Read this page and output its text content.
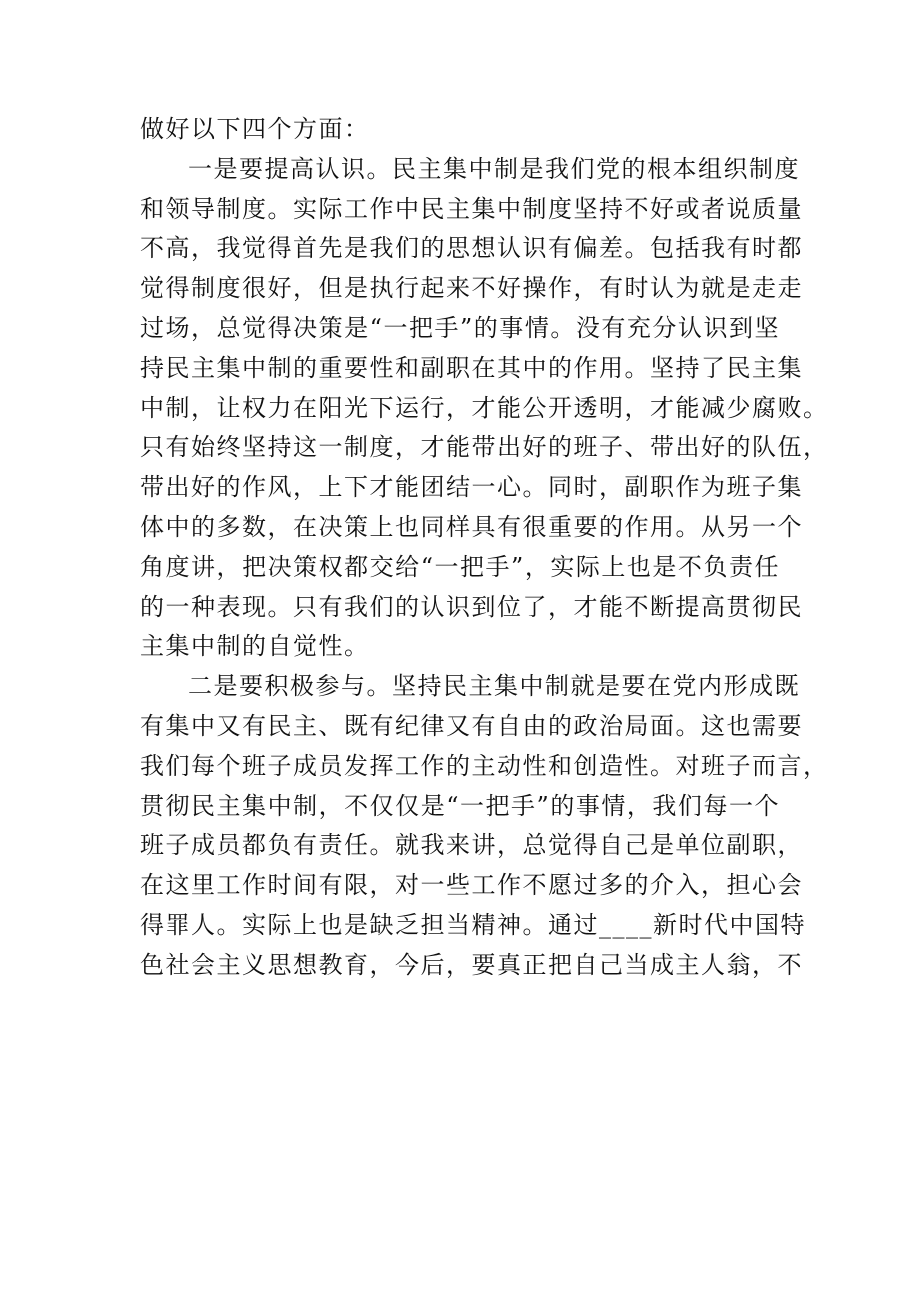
做好以下四个方面：
一是要提高认识。民主集中制是我们党的根本组织制度
和领导制度。实际工作中民主集中制度坚持不好或者说质量
不高，我觉得首先是我们的思想认识有偏差。包括我有时都
觉得制度很好，但是执行起来不好操作，有时认为就是走走
过场，总觉得决策是“一把手”的事情。没有充分认识到坚
持民主集中制的重要性和副职在其中的作用。坚持了民主集
中制，让权力在阳光下运行，才能公开透明，才能减少腐败。
只有始终坚持这一制度，才能带出好的班子、带出好的队伍，
带出好的作风，上下才能团结一心。同时，副职作为班子集
体中的多数，在决策上也同样具有很重要的作用。从另一个
角度讲，把决策权都交给“一把手”，实际上也是不负责任
的一种表现。只有我们的认识到位了，才能不断提高贯彻民
主集中制的自觉性。
二是要积极参与。坚持民主集中制就是要在党内形成既
有集中又有民主、既有纪律又有自由的政治局面。这也需要
我们每个班子成员发挥工作的主动性和创造性。对班子而言，
贯彻民主集中制，不仅仅是“一把手”的事情，我们每一个
班子成员都负有责任。就我来讲，总觉得自己是单位副职，
在这里工作时间有限，对一些工作不愿过多的介入，担心会
得罪人。实际上也是缺乏担当精神。通过____新时代中国特
色社会主义思想教育，今后，要真正把自己当成主人翁，不
